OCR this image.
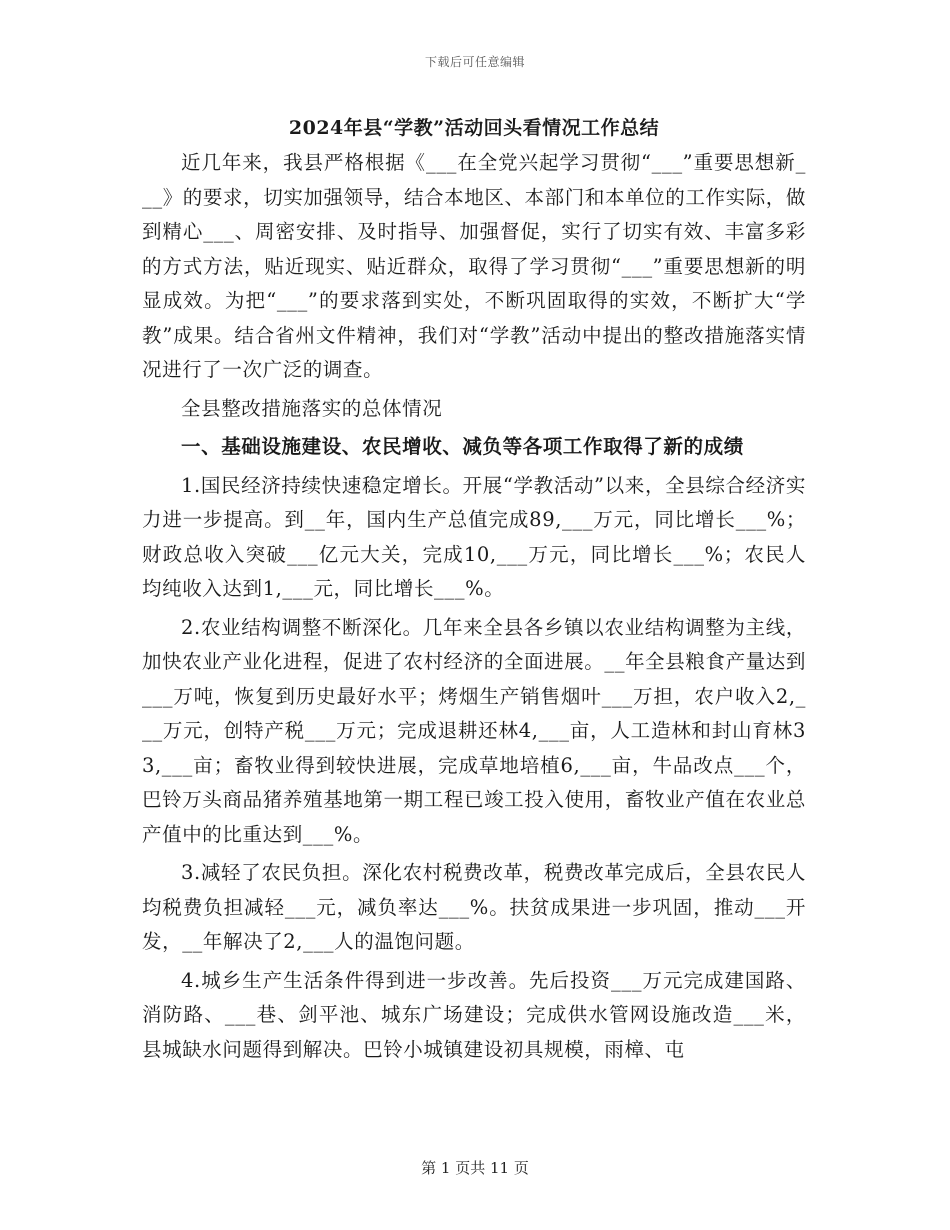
下载后可任意编辑
2024年县“学教”活动回头看情况工作总结

近几年来，我县严格根据《___在全党兴起学习贯彻“___”重要思想新___》的要求，切实加强领导，结合本地区、本部门和本单位的工作实际，做到精心___、周密安排、及时指导、加强督促，实行了切实有效、丰富多彩的方式方法，贴近现实、贴近群众，取得了学习贯彻“___”重要思想新的明显成效。为把“___”的要求落到实处，不断巩固取得的实效，不断扩大“学教”成果。结合省州文件精神，我们对“学教”活动中提出的整改措施落实情况进行了一次广泛的调查。

全县整改措施落实的总体情况

一、基础设施建设、农民增收、减负等各项工作取得了新的成绩

1.国民经济持续快速稳定增长。开展“学教活动”以来，全县综合经济实力进一步提高。到__年，国内生产总值完成89,___万元，同比增长___%；财政总收入突破___亿元大关，完成10,___万元，同比增长___%；农民人均纯收入达到1,___元，同比增长___%。

2.农业结构调整不断深化。几年来全县各乡镇以农业结构调整为主线，加快农业产业化进程，促进了农村经济的全面进展。__年全县粮食产量达到___万吨，恢复到历史最好水平；烤烟生产销售烟叶___万担，农户收入2,___万元，创特产税___万元；完成退耕还林4,___亩，人工造林和封山育林33,___亩；畜牧业得到较快进展，完成草地培植6,___亩，牛品改点___个，巴铃万头商品猪养殖基地第一期工程已竣工投入使用，畜牧业产值在农业总产值中的比重达到___%。

3.减轻了农民负担。深化农村税费改革，税费改革完成后，全县农民人均税费负担减轻___元，减负率达___%。扶贫成果进一步巩固，推动___开发，__年解决了2,___人的温饱问题。

4.城乡生产生活条件得到进一步改善。先后投资___万元完成建国路、消防路、___巷、剑平池、城东广场建设；完成供水管网设施改造___米，县城缺水问题得到解决。巴铃小城镇建设初具规模，雨樟、屯

第 1 页共 11 页
